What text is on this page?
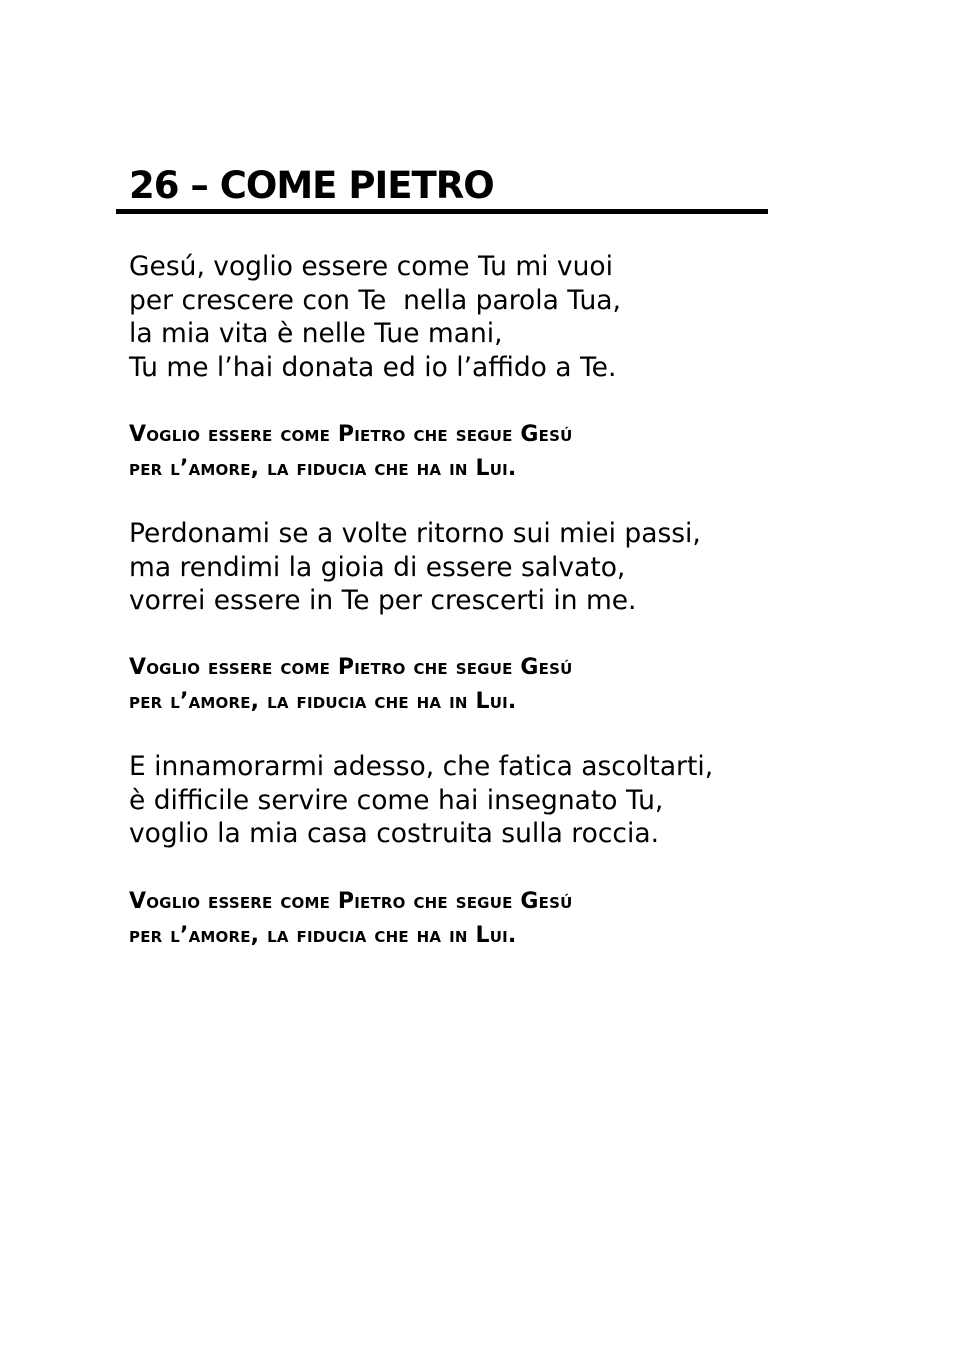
26 – COME PIETRO
Gesú, voglio essere come Tu mi vuoi
per crescere con Te  nella parola Tua,
la mia vita è nelle Tue mani,
Tu me l’hai donata ed io l’affido a Te.
Voglio essere come Pietro che segue Gesú
per l’amore, la fiducia che ha in Lui.
Perdonami se a volte ritorno sui miei passi,
ma rendimi la gioia di essere salvato,
vorrei essere in Te per crescerti in me.
Voglio essere come Pietro che segue Gesú
per l’amore, la fiducia che ha in Lui.
E innamorarmi adesso, che fatica ascoltarti,
è difficile servire come hai insegnato Tu,
voglio la mia casa costruita sulla roccia.
Voglio essere come Pietro che segue Gesú
per l’amore, la fiducia che ha in Lui.
